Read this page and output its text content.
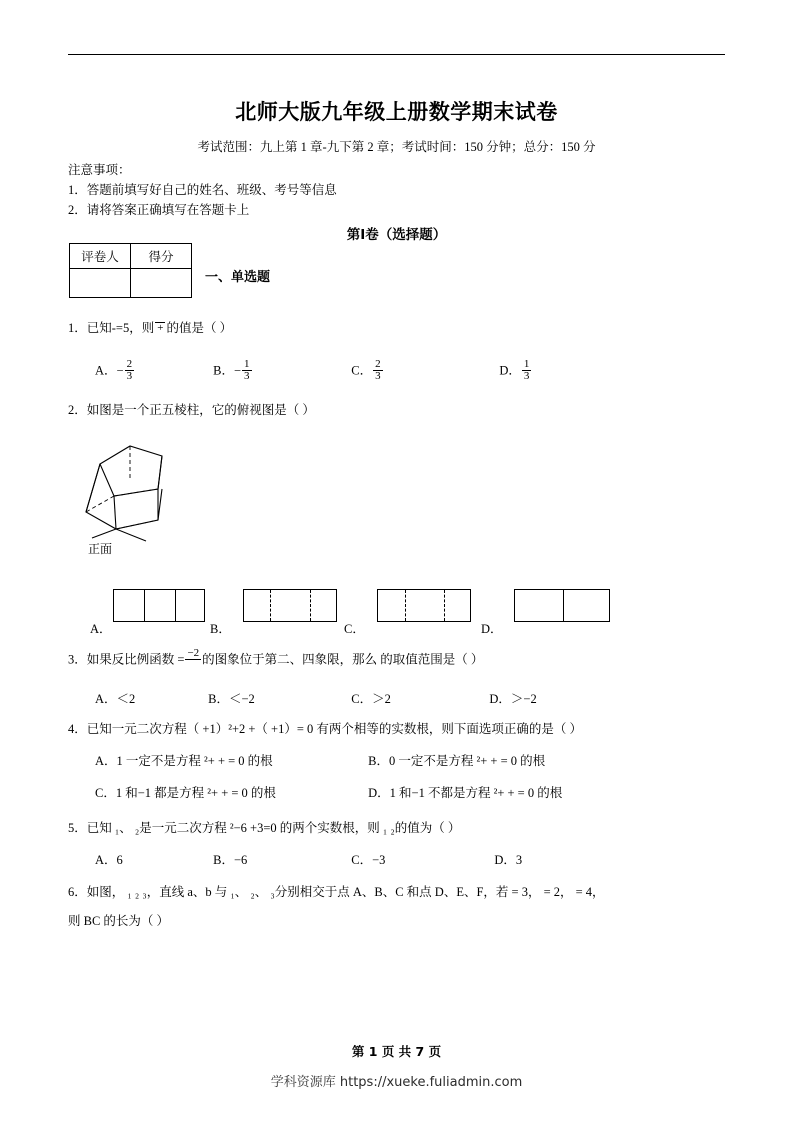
北师大版九年级上册数学期末试卷
考试范围：九上第 1 章-九下第 2 章；考试时间：150 分钟；总分：150 分
注意事项：
1．答题前填写好自己的姓名、班级、考号等信息
2．请将答案正确填写在答题卡上
第Ⅰ卷（选择题）
评卷人	得分

一、单选题
1．已知-=5，则 + 的值是（ ）
A．− $\frac{2}{3}$	B．− $\frac{1}{3}$	C． $\frac{2}{3}$	D． $\frac{1}{3}$
2．如图是一个正五棱柱，它的俯视图是（ ）
正面
A．	B．	C．	D．
3．如果反比例函数 = −2
的图象位于第二、四象限，那么 的取值范围是（ ）
A．＜2	B．＜−2	C．＞2	D．＞−2
4．已知一元二次方程（ +1）²+2 +（ +1）= 0 有两个相等的实数根，则下面选项正确的是（ ）
A．1 一定不是方程 ²+ + = 0 的根	B．0 一定不是方程 ²+ + = 0 的根
C．1 和−1 都是方程 ²+ + = 0 的根	D．1 和−1 不都是方程 ²+ + = 0 的根
5．已知 ₁、 ₂是一元二次方程 ²−6 +3=0 的两个实数根，则 ₁ ₂的值为（ ）
A．6	B．−6	C．−3	D．3
6．如图， ₁ ₂ ₃，直线 a、b 与 ₁、 ₂、 ₃分别相交于点 A、B、C 和点 D、E、F，若 = 3， = 2， = 4，
则 BC 的长为（ ）
第 1 页 共 7 页
学科资源库 https://xueke.fuliadmin.com
